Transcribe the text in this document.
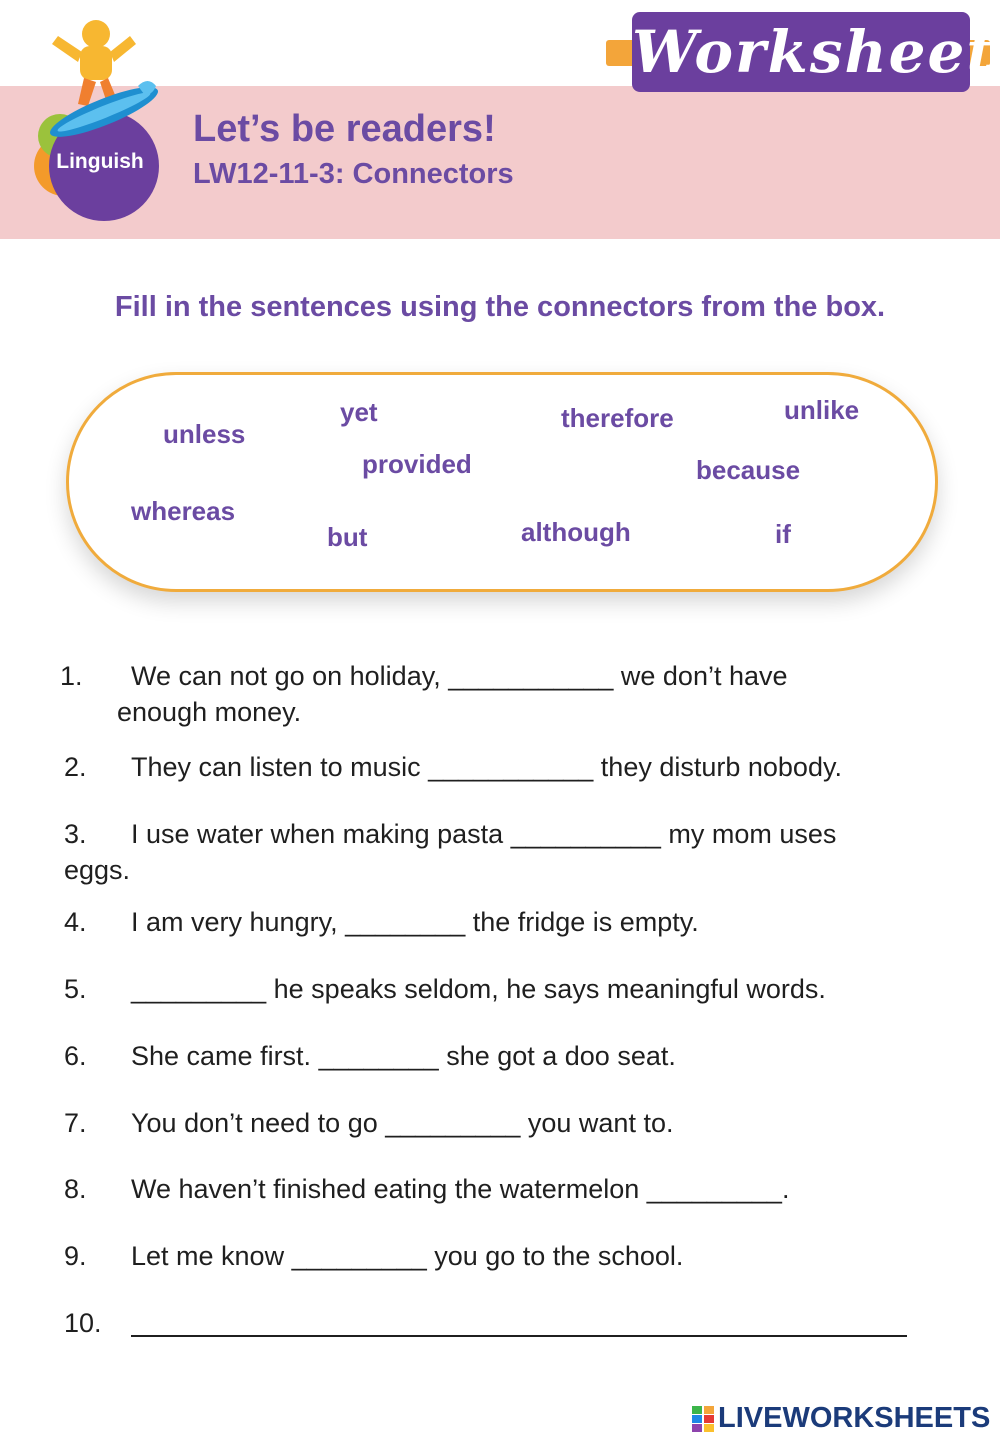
Worksheet
Linguish
Let’s be readers!
LW12-11-3: Connectors
Fill in the sentences using the connectors from the box.
yet	therefore	unlike
unless
provided	because
whereas
but	although	if
1. We can not go on holiday, ___________ we don’t have
enough money.
2. They can listen to music ___________ they disturb nobody.
3. I use water when making pasta __________ my mom uses
eggs.
4. I am very hungry, ________ the fridge is empty.
5. _________ he speaks seldom, he says meaningful words.
6. She came first. ________ she got a doo seat.
7. You don’t need to go _________ you want to.
8. We haven’t finished eating the watermelon _________.
9. Let me know _________ you go to the school.
10.
LIVEWORKSHEETS
